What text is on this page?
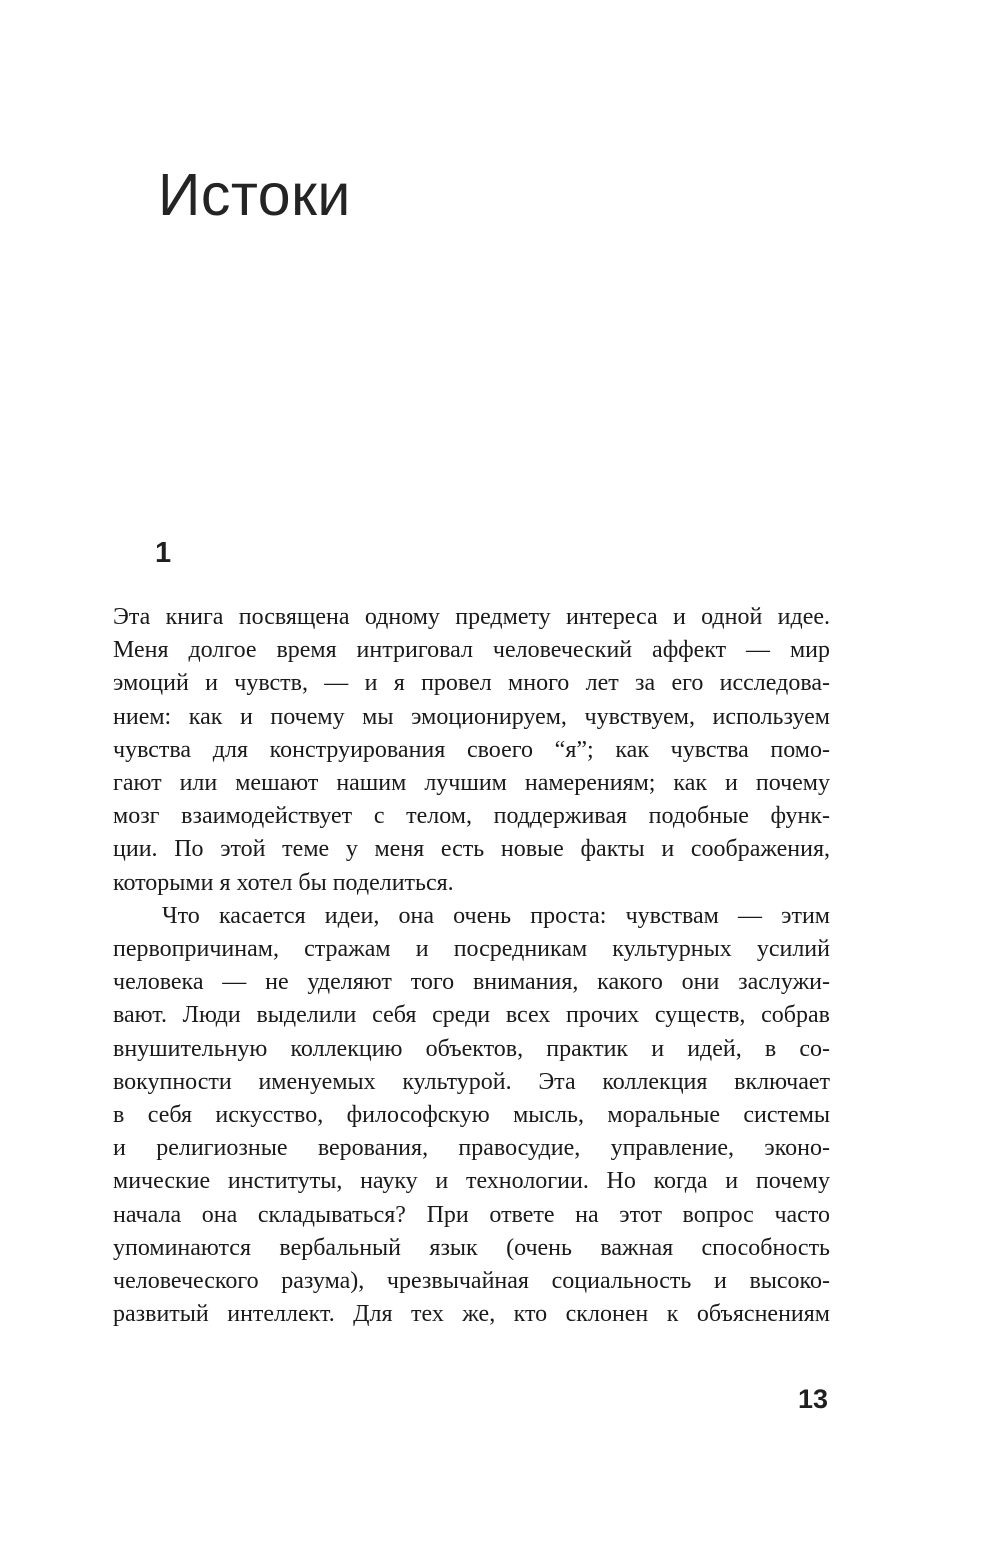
Истоки
1
Эта книга посвящена одному предмету интереса и одной идее.
Меня долгое время интриговал человеческий аффект — мир
эмоций и чувств, — и я провел много лет за его исследова-
нием: как и почему мы эмоционируем, чувствуем, используем
чувства для конструирования своего “я”; как чувства помо-
гают или мешают нашим лучшим намерениям; как и почему
мозг взаимодействует с телом, поддерживая подобные функ-
ции. По этой теме у меня есть новые факты и соображения,
которыми я хотел бы поделиться.
Что касается идеи, она очень проста: чувствам — этим
первопричинам, стражам и посредникам культурных усилий
человека — не уделяют того внимания, какого они заслужи-
вают. Люди выделили себя среди всех прочих существ, собрав
внушительную коллекцию объектов, практик и идей, в со-
вокупности именуемых культурой. Эта коллекция включает
в себя искусство, философскую мысль, моральные системы
и религиозные верования, правосудие, управление, эконо-
мические институты, науку и технологии. Но когда и почему
начала она складываться? При ответе на этот вопрос часто
упоминаются вербальный язык (очень важная способность
человеческого разума), чрезвычайная социальность и высоко-
развитый интеллект. Для тех же, кто склонен к объяснениям
13
